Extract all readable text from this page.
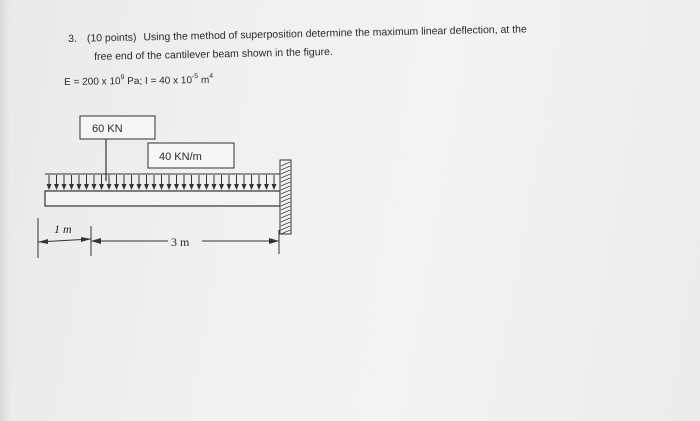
3. (10 points) Using the method of superposition determine the maximum linear deflection, at the
free end of the cantilever beam shown in the figure.
E = 200 x $10^9$ Pa; I = 40 x $10^{-5}$ $m^4$
60 KN
40 KN/m
1 m
3 m
